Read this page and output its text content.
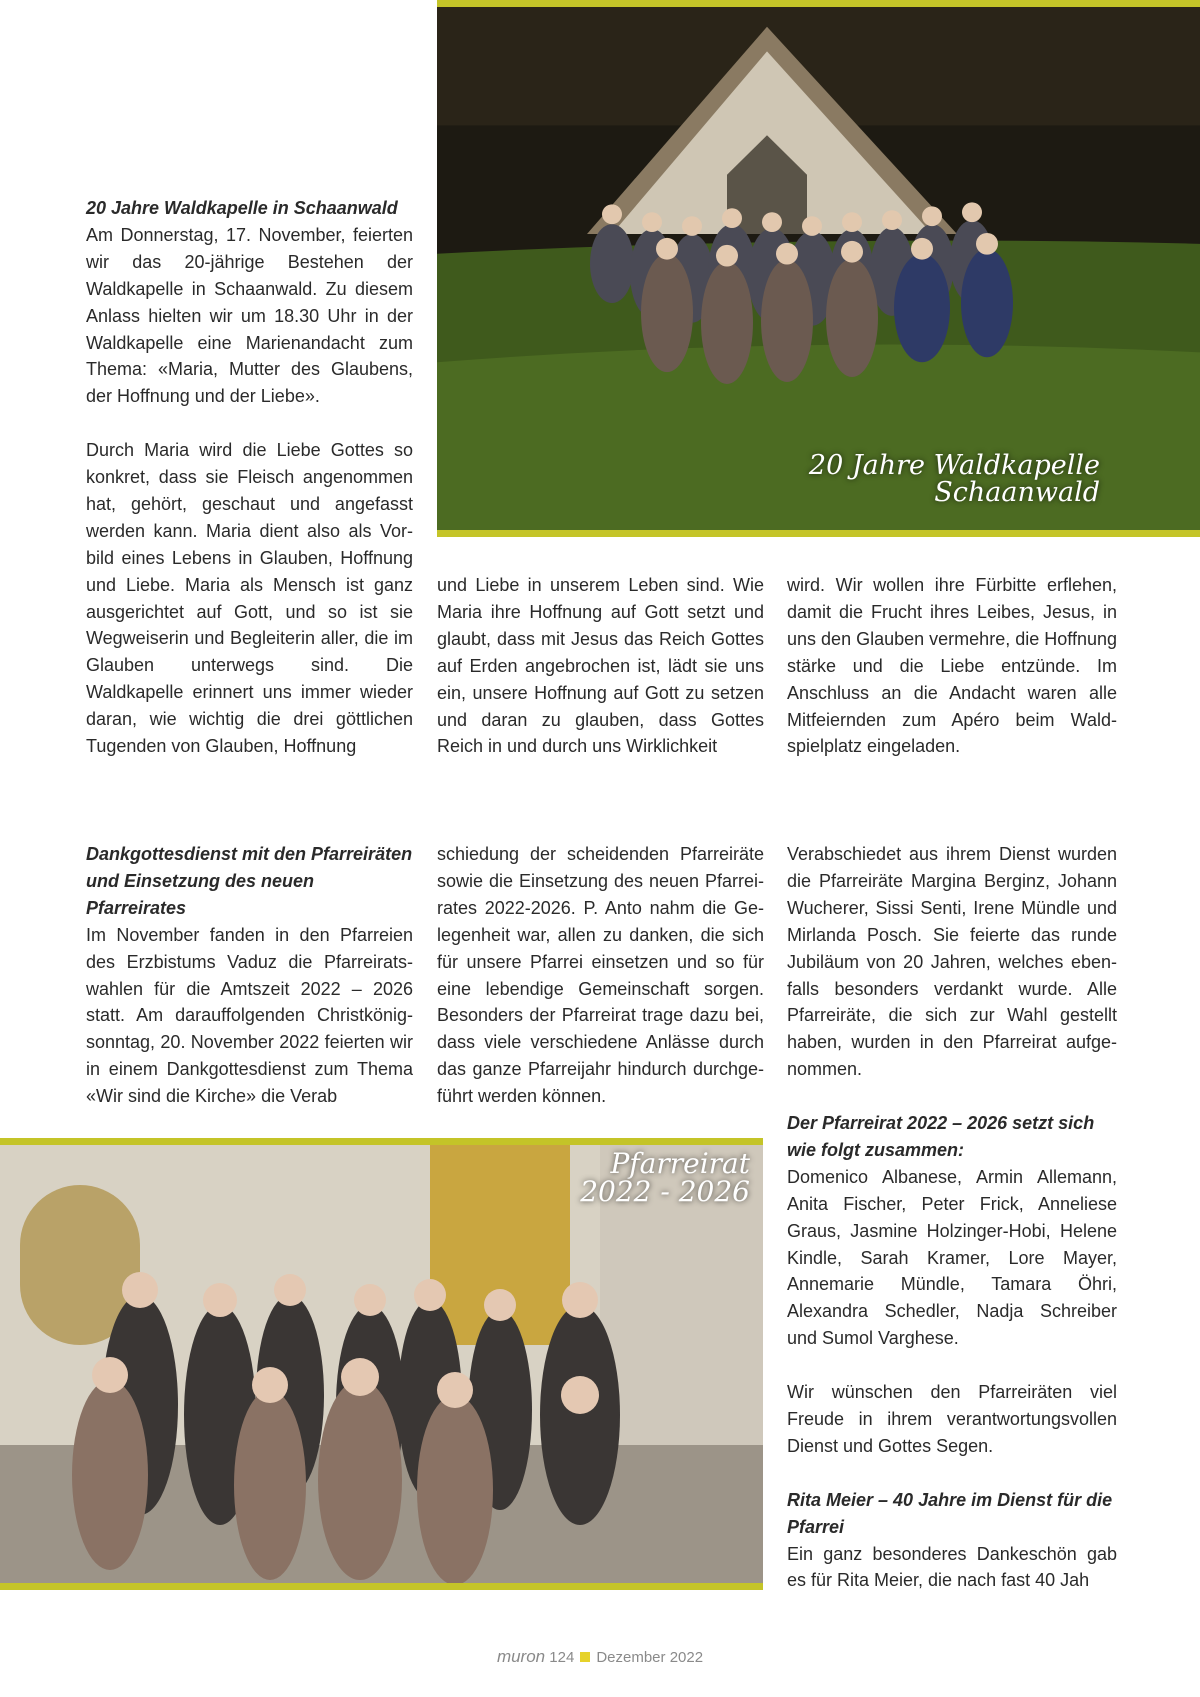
20 Jahre Waldkapelle
Schaanwald
20 Jahre Waldkapelle in Schaanwald

Am Donnerstag, 17. November, feierten wir das 20-jährige Bestehen der Waldkapelle in Schaanwald. Zu diesem Anlass hielten wir um 18.30 Uhr in der Waldkapelle eine Marienandacht zum Thema: «Maria, Mutter des Glaubens, der Hoffnung und der Liebe».

Durch Maria wird die Liebe Gottes so konkret, dass sie Fleisch angenommen hat, gehört, geschaut und angefasst werden kann. Maria dient also als Vorbild eines Lebens in Glauben, Hoffnung und Liebe. Maria als Mensch ist ganz ausgerichtet auf Gott, und so ist sie Wegweiserin und Begleiterin aller, die im Glauben unterwegs sind. Die Waldkapelle erinnert uns immer wieder daran, wie wichtig die drei göttlichen Tugenden von Glauben, Hoffnung

und Liebe in unserem Leben sind. Wie Maria ihre Hoffnung auf Gott setzt und glaubt, dass mit Jesus das Reich Gottes auf Erden angebrochen ist, lädt sie uns ein, unsere Hoffnung auf Gott zu setzen und daran zu glauben, dass Gottes Reich in und durch uns Wirklichkeit

wird. Wir wollen ihre Fürbitte erflehen, damit die Frucht ihres Leibes, Jesus, in uns den Glauben vermehre, die Hoffnung stärke und die Liebe entzünde. Im Anschluss an die Andacht waren alle Mitfeiernden zum Apéro beim Waldspielplatz eingeladen.

Dankgottesdienst mit den Pfarreiräten und Einsetzung des neuen Pfarreirates

Im November fanden in den Pfarreien des Erzbistums Vaduz die Pfarreiratswahlen für die Amtszeit 2022 – 2026 statt. Am darauffolgenden Christkönigsonntag, 20. November 2022 feierten wir in einem Dankgottesdienst zum Thema «Wir sind die Kirche» die Verab

schiedung der scheidenden Pfarreiräte sowie die Einsetzung des neuen Pfarreirates 2022-2026. P. Anto nahm die Gelegenheit war, allen zu danken, die sich für unsere Pfarrei einsetzen und so für eine lebendige Gemeinschaft sorgen. Besonders der Pfarreirat trage dazu bei, dass viele verschiedene Anlässe durch das ganze Pfarreijahr hindurch durchgeführt werden können.

Verabschiedet aus ihrem Dienst wurden die Pfarreiräte Margina Berginz, Johann Wucherer, Sissi Senti, Irene Mündle und Mirlanda Posch. Sie feierte das runde Jubiläum von 20 Jahren, welches ebenfalls besonders verdankt wurde. Alle Pfarreiräte, die sich zur Wahl gestellt haben, wurden in den Pfarreirat aufgenommen.

Der Pfarreirat 2022 – 2026 setzt sich wie folgt zusammen:

Domenico Albanese, Armin Allemann, Anita Fischer, Peter Frick, Anneliese Graus, Jasmine Holzinger-Hobi, Helene Kindle, Sarah Kramer, Lore Mayer, Annemarie Mündle, Tamara Öhri, Alexandra Schedler, Nadja Schreiber und Sumol Varghese.

Wir wünschen den Pfarreiräten viel Freude in ihrem verantwortungsvollen Dienst und Gottes Segen.

Rita Meier – 40 Jahre im Dienst für die Pfarrei

Ein ganz besonderes Dankeschön gab es für Rita Meier, die nach fast 40 Jah

Pfarreirat
2022 - 2026
muron 124 Dezember 2022
